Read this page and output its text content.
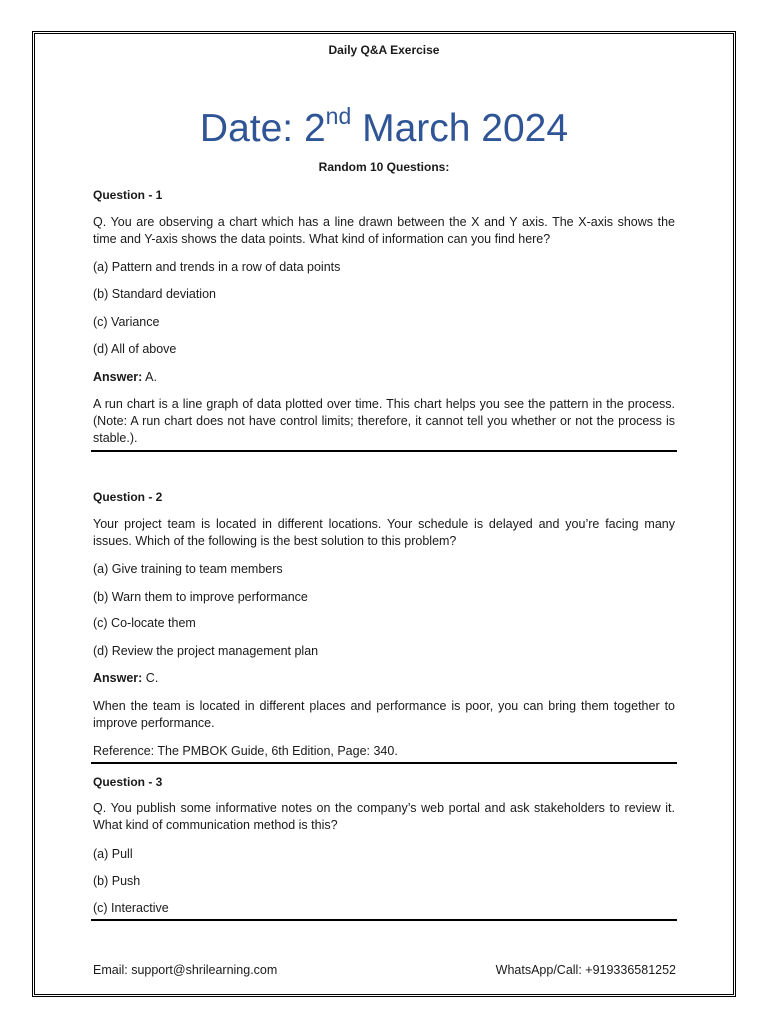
Daily Q&A Exercise
Date: 2nd March 2024
Random 10 Questions:
Question - 1
Q. You are observing a chart which has a line drawn between the X and Y axis. The X-axis shows the time and Y-axis shows the data points. What kind of information can you find here?
(a) Pattern and trends in a row of data points
(b) Standard deviation
(c) Variance
(d) All of above
Answer: A.
A run chart is a line graph of data plotted over time. This chart helps you see the pattern in the process. (Note: A run chart does not have control limits; therefore, it cannot tell you whether or not the process is stable.).
Question - 2
Your project team is located in different locations. Your schedule is delayed and you’re facing many issues. Which of the following is the best solution to this problem?
(a) Give training to team members
(b) Warn them to improve performance
(c) Co-locate them
(d) Review the project management plan
Answer: C.
When the team is located in different places and performance is poor, you can bring them together to improve performance.
Reference: The PMBOK Guide, 6th Edition, Page: 340.
Question - 3
Q. You publish some informative notes on the company’s web portal and ask stakeholders to review it. What kind of communication method is this?
(a) Pull
(b) Push
(c) Interactive
Email: support@shrilearning.com	WhatsApp/Call: +919336581252
